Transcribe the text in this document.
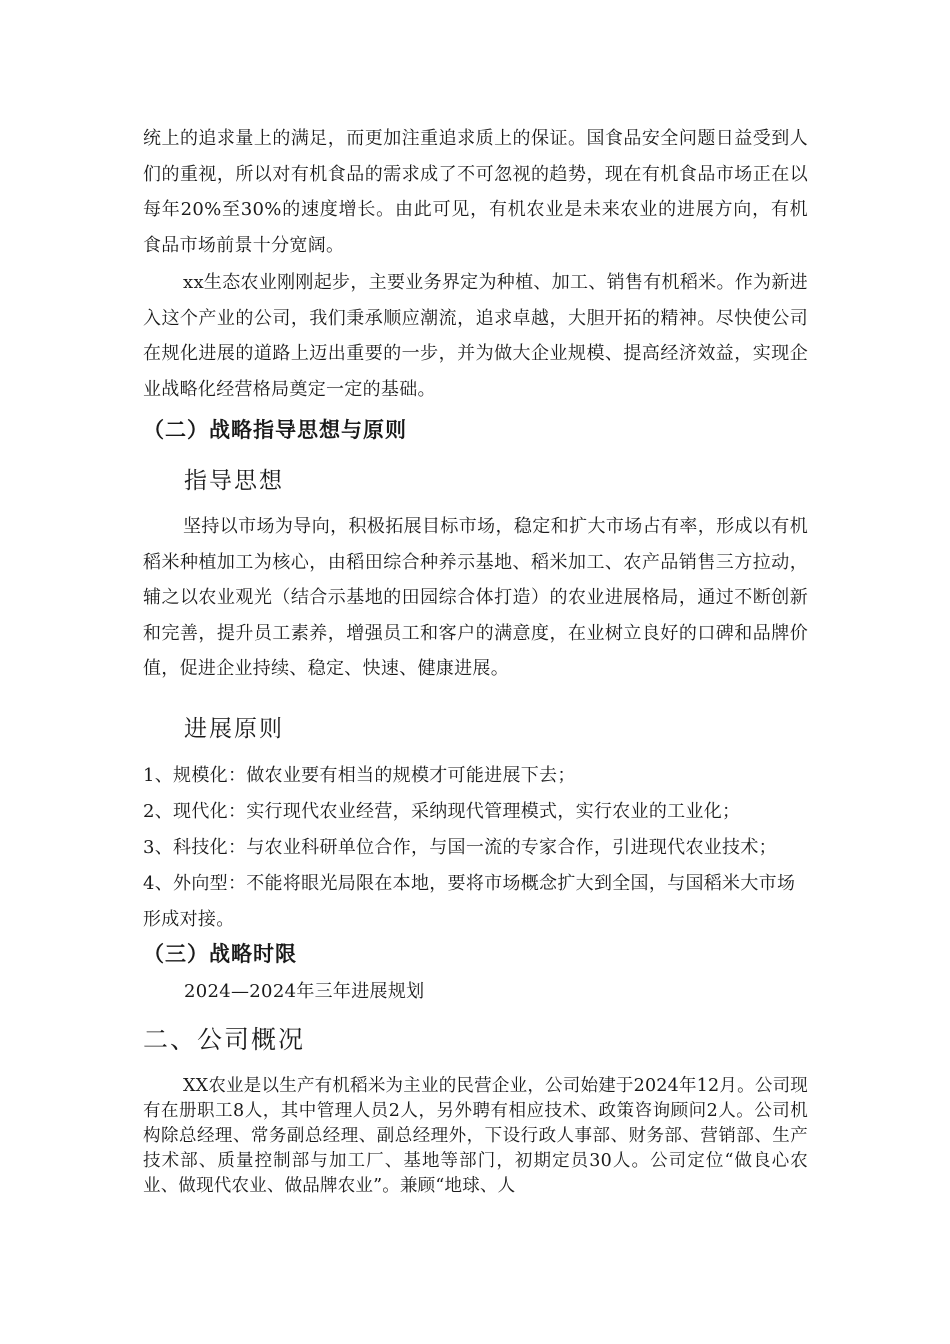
统上的追求量上的满足，而更加注重追求质上的保证。国食品安全问题日益受到人们的重视，所以对有机食品的需求成了不可忽视的趋势，现在有机食品市场正在以每年20%至30%的速度增长。由此可见，有机农业是未来农业的进展方向，有机食品市场前景十分宽阔。
xx生态农业刚刚起步，主要业务界定为种植、加工、销售有机稻米。作为新进入这个产业的公司，我们秉承顺应潮流，追求卓越，大胆开拓的精神。尽快使公司在规化进展的道路上迈出重要的一步，并为做大企业规模、提高经济效益，实现企业战略化经营格局奠定一定的基础。
（二）战略指导思想与原则
指导思想
坚持以市场为导向，积极拓展目标市场，稳定和扩大市场占有率，形成以有机稻米种植加工为核心，由稻田综合种养示基地、稻米加工、农产品销售三方拉动，辅之以农业观光（结合示基地的田园综合体打造）的农业进展格局，通过不断创新和完善，提升员工素养，增强员工和客户的满意度，在业树立良好的口碑和品牌价值，促进企业持续、稳定、快速、健康进展。
进展原则
1、规模化：做农业要有相当的规模才可能进展下去；
2、现代化：实行现代农业经营，采纳现代管理模式，实行农业的工业化；
3、科技化：与农业科研单位合作，与国一流的专家合作，引进现代农业技术；
4、外向型：不能将眼光局限在本地，要将市场概念扩大到全国，与国稻米大市场形成对接。
（三）战略时限
2024—2024年三年进展规划
二、公司概况
XX农业是以生产有机稻米为主业的民营企业，公司始建于2024年12月。公司现有在册职工8人，其中管理人员2人，另外聘有相应技术、政策咨询顾问2人。公司机构除总经理、常务副总经理、副总经理外，下设行政人事部、财务部、营销部、生产技术部、质量控制部与加工厂、基地等部门，初期定员30人。公司定位“做良心农业、做现代农业、做品牌农业”。兼顾“地球、人
